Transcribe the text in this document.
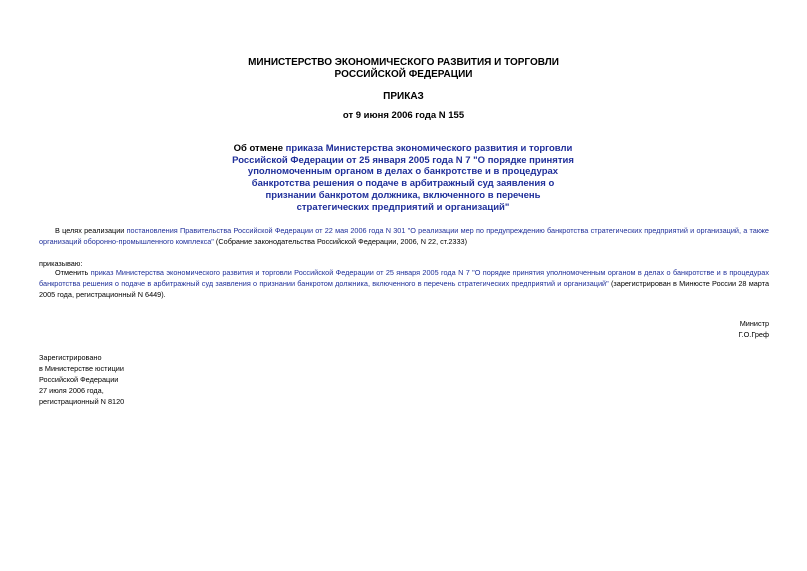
МИНИСТЕРСТВО ЭКОНОМИЧЕСКОГО РАЗВИТИЯ И ТОРГОВЛИ
РОССИЙСКОЙ ФЕДЕРАЦИИ
ПРИКАЗ
от 9 июня 2006 года N 155
Об отмене приказа Министерства экономического развития и торговли Российской Федерации от 25 января 2005 года N 7 "О порядке принятия уполномоченным органом в делах о банкротстве и в процедурах банкротства решения о подаче в арбитражный суд заявления о признании банкротом должника, включенного в перечень стратегических предприятий и организаций"
В целях реализации постановления Правительства Российской Федерации от 22 мая 2006 года N 301 "О реализации мер по предупреждению банкротства стратегических предприятий и организаций, а также организаций оборонно-промышленного комплекса" (Собрание законодательства Российской Федерации, 2006, N 22, ст.2333)
приказываю:
Отменить приказ Министерства экономического развития и торговли Российской Федерации от 25 января 2005 года N 7 "О порядке принятия уполномоченным органом в делах о банкротстве и в процедурах банкротства решения о подаче в арбитражный суд заявления о признании банкротом должника, включенного в перечень стратегических предприятий и организаций" (зарегистрирован в Минюсте России 28 марта 2005 года, регистрационный N 6449).
Министр
Г.О.Греф
Зарегистрировано
в Министерстве юстиции
Российской Федерации
27 июля 2006 года,
регистрационный N 8120
